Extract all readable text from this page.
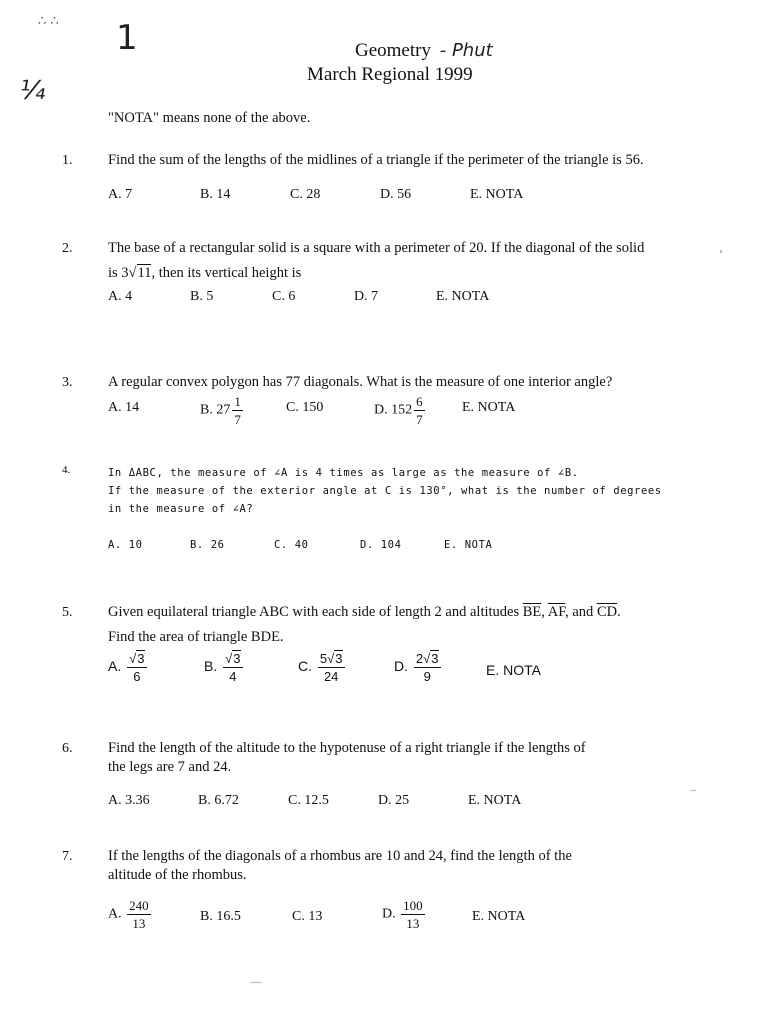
∴ ∴ 1
¼
Geometry - Phut
March Regional 1999
"NOTA" means none of the above.
1. Find the sum of the lengths of the midlines of a triangle if the perimeter of the triangle is 56.
A. 7	B. 14	C. 28	D. 56	E. NOTA
2. The base of a rectangular solid is a square with a perimeter of 20. If the diagonal of the solid
is 3√11, then its vertical height is
A. 4	B. 5	C. 6	D. 7	E. NOTA
3. A regular convex polygon has 77 diagonals. What is the measure of one interior angle?
A. 14	B. $27 \frac{1}{7}$	C. 150	D. $152 \frac{6}{7}$	E. NOTA
4.	In ΔABC, the measure of ∠A is 4 times as large as the measure of ∠B.
If the measure of the exterior angle at C is 130°, what is the number of degrees
in the measure of ∠A?
A. 10	B. 26	C. 40	D. 104	E. NOTA
5. Given equilateral triangle ABC with each side of length 2 and altitudes $\overline{BE}$, $\overline{AF}$, and $\overline{CD}$.
Find the area of triangle BDE.
A. $\frac{√3}{6}$	B. $\frac{√3}{4}$	C. $\frac{5√3}{24}$	D. $\frac{2√3}{9}$	E. NOTA
6. Find the length of the altitude to the hypotenuse of a right triangle if the lengths of
the legs are 7 and 24.
A. 3.36	B. 6.72	C. 12.5	D. 25	E. NOTA
7. If the lengths of the diagonals of a rhombus are 10 and 24, find the length of the
altitude of the rhombus.
A. $\frac{240}{13}$	B. 16.5	C. 13	D. $\frac{100}{13}$	E. NOTA
